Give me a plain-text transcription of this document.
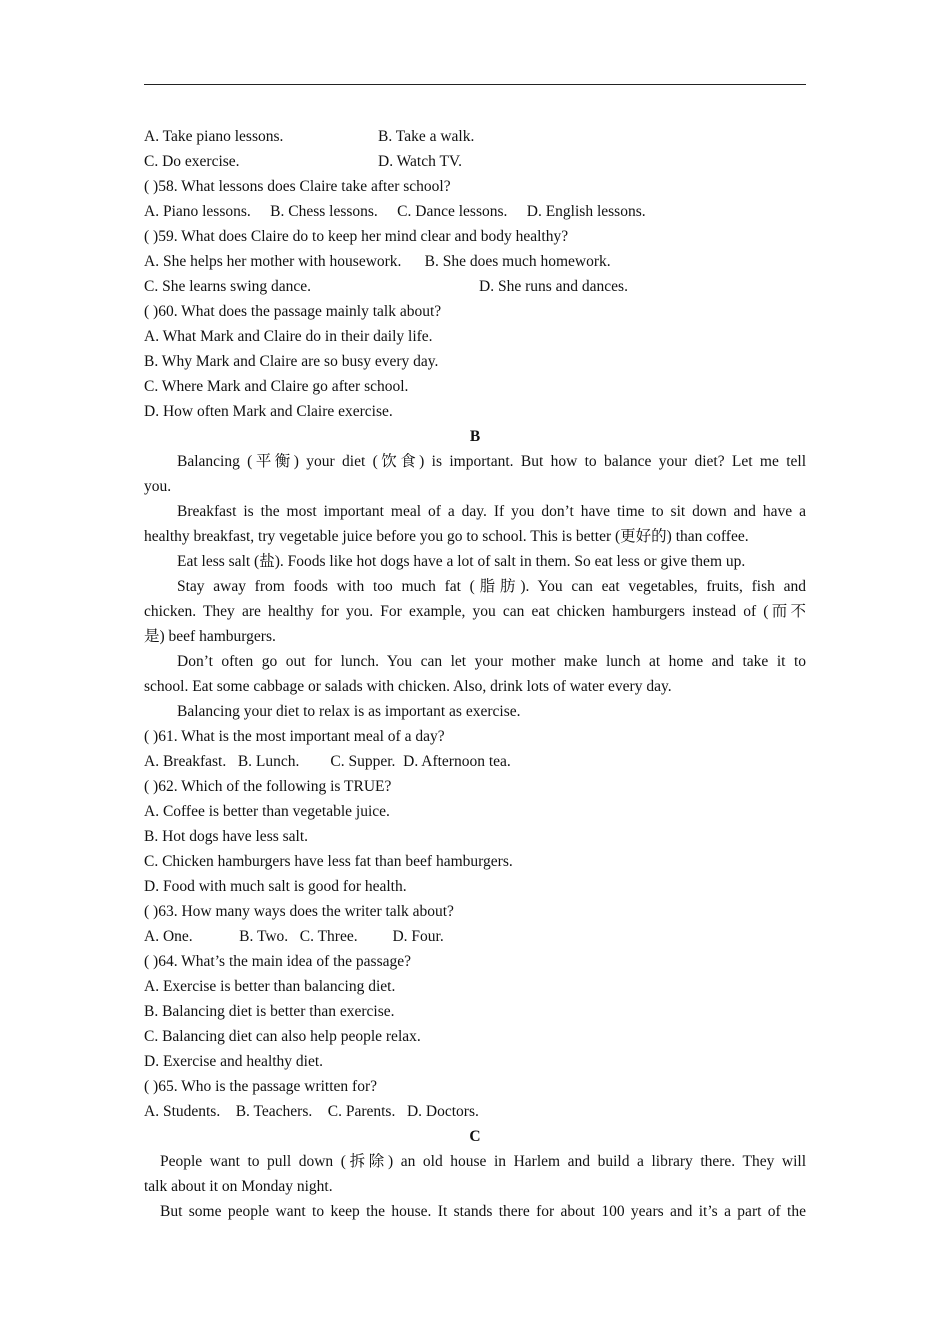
A. Take piano lessons.	B. Take a walk.
C. Do exercise.	D. Watch TV.
( )58. What lessons does Claire take after school?
A. Piano lessons.     B. Chess lessons.     C. Dance lessons.     D. English lessons.
( )59. What does Claire do to keep her mind clear and body healthy?
A. She helps her mother with housework.      B. She does much homework.
C. She learns swing dance.	D. She runs and dances.
( )60. What does the passage mainly talk about?
A. What Mark and Claire do in their daily life.
B. Why Mark and Claire are so busy every day.
C. Where Mark and Claire go after school.
D. How often Mark and Claire exercise.
B
Balancing (平衡) your diet (饮食) is important. But how to balance your diet? Let me tell
you.
Breakfast is the most important meal of a day. If you don’t have time to sit down and have a
healthy breakfast, try vegetable juice before you go to school. This is better (更好的) than coffee.
Eat less salt (盐). Foods like hot dogs have a lot of salt in them. So eat less or give them up.
Stay away from foods with too much fat (脂肪). You can eat vegetables, fruits, fish and
chicken. They are healthy for you. For example, you can eat chicken hamburgers instead of (而不
是) beef hamburgers.
Don’t often go out for lunch. You can let your mother make lunch at home and take it to
school. Eat some cabbage or salads with chicken. Also, drink lots of water every day.
Balancing your diet to relax is as important as exercise.
( )61. What is the most important meal of a day?
A. Breakfast.   B. Lunch.        C. Supper.  D. Afternoon tea.
( )62. Which of the following is TRUE?
A. Coffee is better than vegetable juice.
B. Hot dogs have less salt.
C. Chicken hamburgers have less fat than beef hamburgers.
D. Food with much salt is good for health.
( )63. How many ways does the writer talk about?
A. One.            B. Two.   C. Three.         D. Four.
( )64. What’s the main idea of the passage?
A. Exercise is better than balancing diet.
B. Balancing diet is better than exercise.
C. Balancing diet can also help people relax.
D. Exercise and healthy diet.
( )65. Who is the passage written for?
A. Students.    B. Teachers.    C. Parents.   D. Doctors.
C
People want to pull down (拆除) an old house in Harlem and build a library there. They will
talk about it on Monday night.
But some people want to keep the house. It stands there for about 100 years and it’s a part of the
